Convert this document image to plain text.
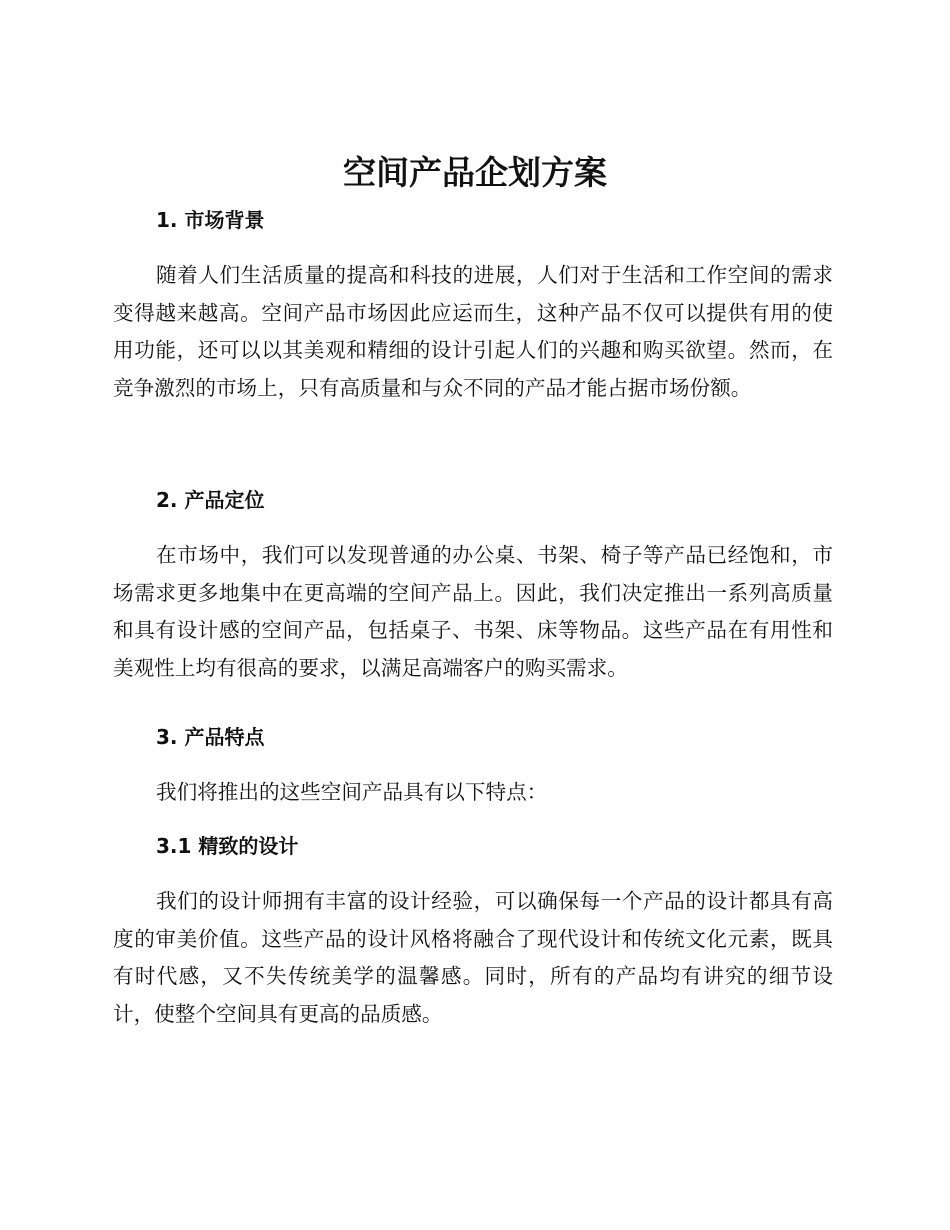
空间产品企划方案
1. 市场背景

随着人们生活质量的提高和科技的进展，人们对于生活和工作空间的需求变得越来越高。空间产品市场因此应运而生，这种产品不仅可以提供有用的使用功能，还可以以其美观和精细的设计引起人们的兴趣和购买欲望。然而，在竞争激烈的市场上，只有高质量和与众不同的产品才能占据市场份额。

2. 产品定位

在市场中，我们可以发现普通的办公桌、书架、椅子等产品已经饱和，市场需求更多地集中在更高端的空间产品上。因此，我们决定推出一系列高质量和具有设计感的空间产品，包括桌子、书架、床等物品。这些产品在有用性和美观性上均有很高的要求，以满足高端客户的购买需求。

3. 产品特点

我们将推出的这些空间产品具有以下特点：

3.1 精致的设计

我们的设计师拥有丰富的设计经验，可以确保每一个产品的设计都具有高度的审美价值。这些产品的设计风格将融合了现代设计和传统文化元素，既具有时代感，又不失传统美学的温馨感。同时，所有的产品均有讲究的细节设计，使整个空间具有更高的品质感。
